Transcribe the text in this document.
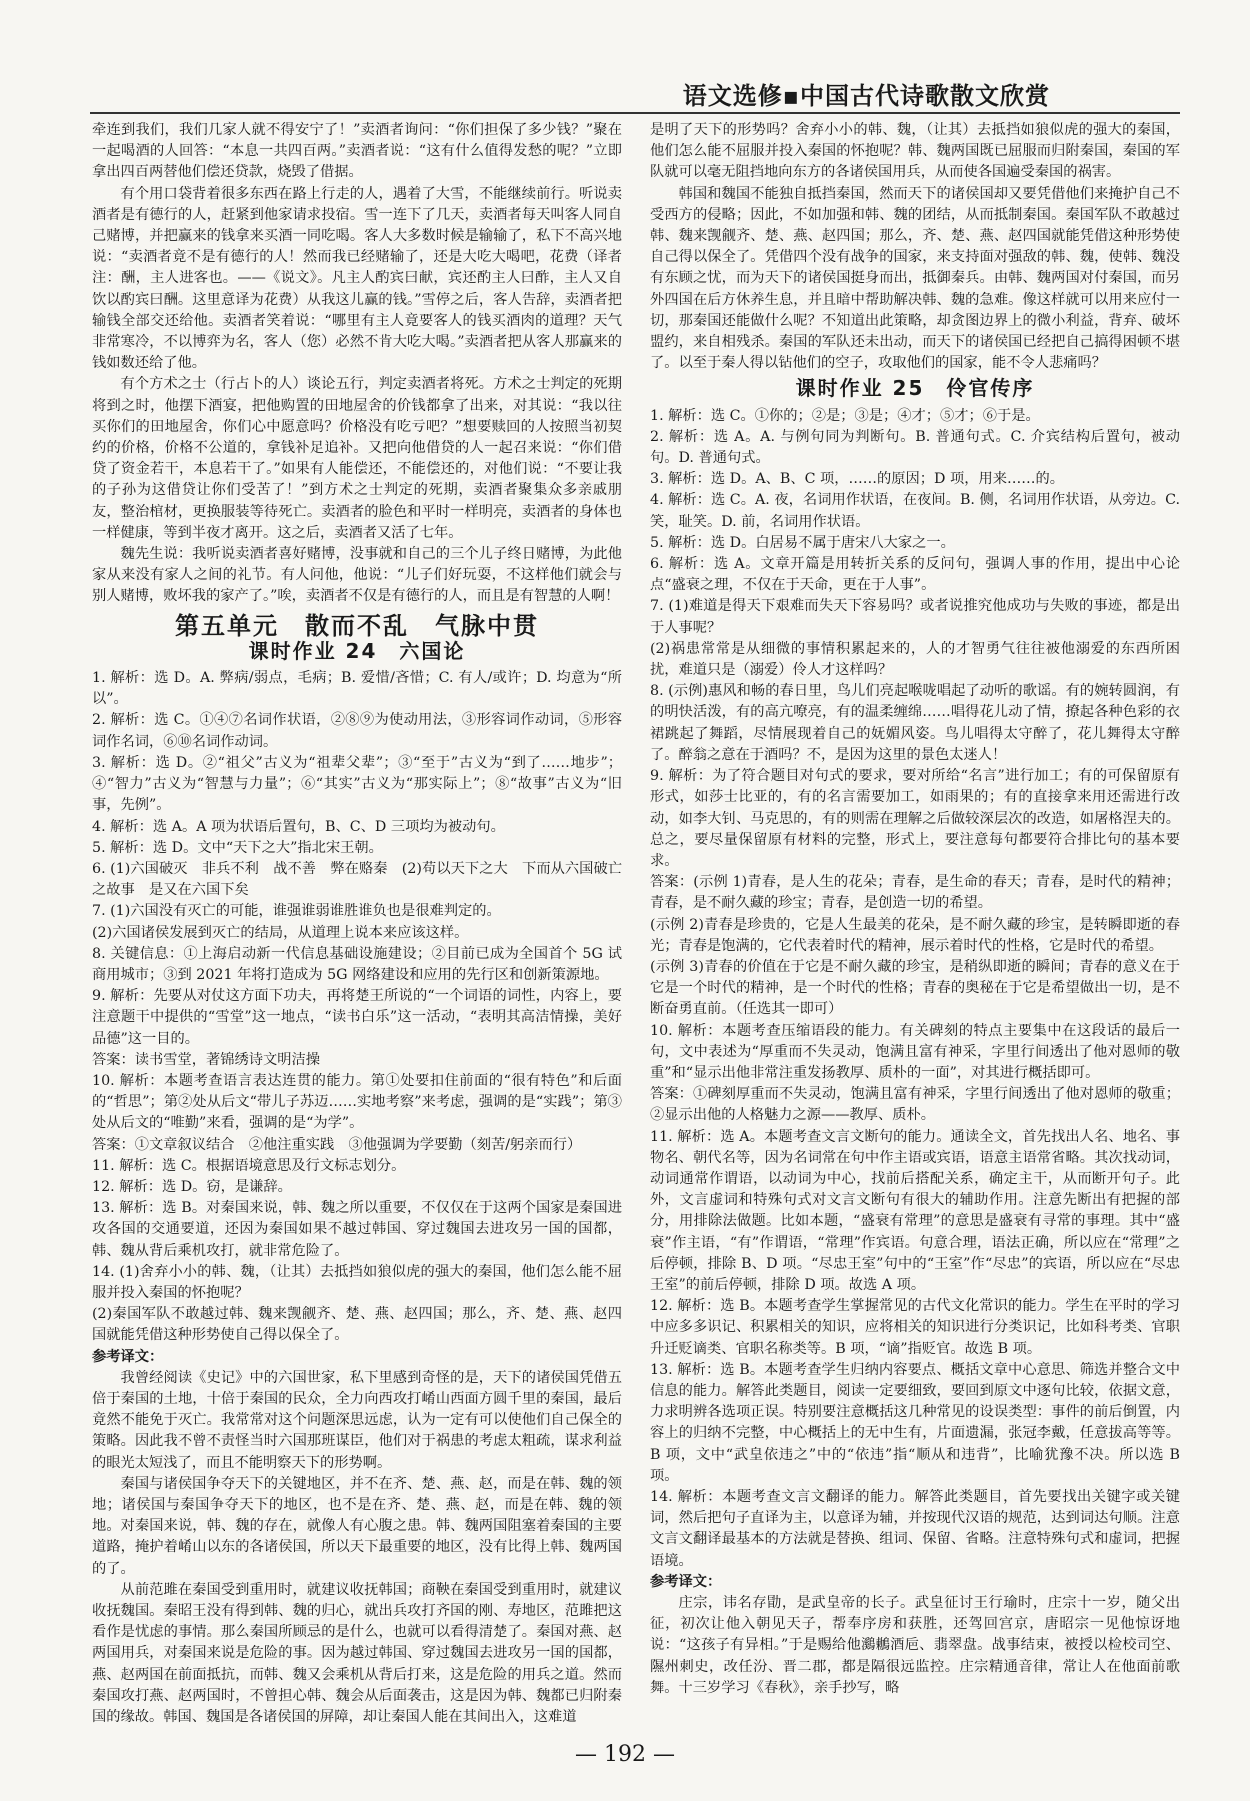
语文选修▪中国古代诗歌散文欣赏

牵连到我们，我们几家人就不得安宁了！”卖酒者询问：“你们担保了多少钱？”聚在一起喝酒的人回答：“本息一共四百两。”卖酒者说：“这有什么值得发愁的呢？”立即拿出四百两替他们偿还贷款，烧毁了借据。

有个用口袋背着很多东西在路上行走的人，遇着了大雪，不能继续前行。听说卖酒者是有德行的人，赶紧到他家请求投宿。雪一连下了几天，卖酒者每天叫客人同自己赌博，并把赢来的钱拿来买酒一同吃喝。客人大多数时候是输输了，私下不高兴地说：“卖酒者竟不是有德行的人！然而我已经赌输了，还是大吃大喝吧，花费（译者注：酬，主人进客也。——《说文》。凡主人酌宾曰献，宾还酌主人曰酢，主人又自饮以酌宾曰酬。这里意译为花费）从我这儿赢的钱。”雪停之后，客人告辞，卖酒者把输钱全部交还给他。卖酒者笑着说：“哪里有主人竟要客人的钱买酒肉的道理？天气非常寒冷，不以博弈为名，客人（您）必然不肯大吃大喝。”卖酒者把从客人那赢来的钱如数还给了他。

有个方术之士（行占卜的人）谈论五行，判定卖酒者将死。方术之士判定的死期将到之时，他摆下酒宴，把他购置的田地屋舍的价钱都拿了出来，对其说：“我以往买你们的田地屋舍，你们心中愿意吗？价格没有吃亏吧？”想要赎回的人按照当初契约的价格，价格不公道的，拿钱补足追补。又把向他借贷的人一起召来说：“你们借贷了资金若干，本息若干了。”如果有人能偿还，不能偿还的，对他们说：“不要让我的子孙为这借贷让你们受苦了！”到方术之士判定的死期，卖酒者聚集众多亲戚朋友，整治棺材，更换服装等待死亡。卖酒者的脸色和平时一样明亮，卖酒者的身体也一样健康，等到半夜才离开。这之后，卖酒者又活了七年。

魏先生说：我听说卖酒者喜好赌博，没事就和自己的三个儿子终日赌博，为此他家从来没有家人之间的礼节。有人问他，他说：“儿子们好玩耍，不这样他们就会与别人赌博，败坏我的家产了。”唉，卖酒者不仅是有德行的人，而且是有智慧的人啊！

第五单元　散而不乱　气脉中贯
课时作业 24　六国论

1. 解析：选 D。A. 弊病/弱点，毛病；B. 爱惜/吝惜；C. 有人/或许；D. 均意为“所以”。

2. 解析：选 C。①④⑦名词作状语，②⑧⑨为使动用法，③形容词作动词，⑤形容词作名词，⑥⑩名词作动词。

3. 解析：选 D。②“祖父”古义为“祖辈父辈”；③“至于”古义为“到了……地步”；④“智力”古义为“智慧与力量”；⑥“其实”古义为“那实际上”；⑧“故事”古义为“旧事，先例”。

4. 解析：选 A。A 项为状语后置句，B、C、D 三项均为被动句。

5. 解析：选 D。文中“天下之大”指北宋王朝。

6. (1)六国破灭　非兵不利　战不善　弊在赂秦　(2)苟以天下之大　下而从六国破亡之故事　是又在六国下矣

7. (1)六国没有灭亡的可能，谁强谁弱谁胜谁负也是很难判定的。

(2)六国诸侯发展到灭亡的结局，从道理上说本来应该这样。

8. 关键信息：①上海启动新一代信息基础设施建设；②目前已成为全国首个 5G 试商用城市；③到 2021 年将打造成为 5G 网络建设和应用的先行区和创新策源地。

9. 解析：先要从对仗这方面下功夫，再将楚王所说的“一个词语的词性，内容上，要注意题干中提供的“雪堂”这一地点，“读书白乐”这一活动，“表明其高洁情操，美好品德”这一目的。

答案：读书雪堂，著锦绣诗文明洁操

10. 解析：本题考查语言表达连贯的能力。第①处要扣住前面的“很有特色”和后面的“哲思”；第②处从后文“带儿子苏迈……实地考察”来考虑，强调的是“实践”；第③处从后文的“唯勤”来看，强调的是“为学”。

答案：①文章叙议结合　②他注重实践　③他强调为学要勤（刻苦/躬亲而行）

11. 解析：选 C。根据语境意思及行文标志划分。

12. 解析：选 D。窃，是谦辞。

13. 解析：选 B。对秦国来说，韩、魏之所以重要，不仅仅在于这两个国家是秦国进攻各国的交通要道，还因为秦国如果不越过韩国、穿过魏国去进攻另一国的国都，韩、魏从背后乘机攻打，就非常危险了。

14. (1)舍弃小小的韩、魏，（让其）去抵挡如狼似虎的强大的秦国，他们怎么能不屈服并投入秦国的怀抱呢？

(2)秦国军队不敢越过韩、魏来觊觎齐、楚、燕、赵四国；那么，齐、楚、燕、赵四国就能凭借这种形势使自己得以保全了。

参考译文：

我曾经阅读《史记》中的六国世家，私下里感到奇怪的是，天下的诸侯国凭借五倍于秦国的土地，十倍于秦国的民众，全力向西攻打崤山西面方圆千里的秦国，最后竟然不能免于灭亡。我常常对这个问题深思远虑，认为一定有可以使他们自己保全的策略。因此我不曾不责怪当时六国那班谋臣，他们对于祸患的考虑太粗疏，谋求利益的眼光太短浅了，而且不能明察天下的形势啊。

秦国与诸侯国争夺天下的关键地区，并不在齐、楚、燕、赵，而是在韩、魏的领地；诸侯国与秦国争夺天下的地区，也不是在齐、楚、燕、赵，而是在韩、魏的领地。对秦国来说，韩、魏的存在，就像人有心腹之患。韩、魏两国阻塞着秦国的主要道路，掩护着崤山以东的各诸侯国，所以天下最重要的地区，没有比得上韩、魏两国的了。

从前范雎在秦国受到重用时，就建议收抚韩国；商鞅在秦国受到重用时，就建议收抚魏国。秦昭王没有得到韩、魏的归心，就出兵攻打齐国的刚、寿地区，范雎把这看作是忧虑的事情。那么秦国所顾忌的是什么，也就可以看得清楚了。秦国对燕、赵两国用兵，对秦国来说是危险的事。因为越过韩国、穿过魏国去进攻另一国的国都，燕、赵两国在前面抵抗，而韩、魏又会乘机从背后打来，这是危险的用兵之道。然而秦国攻打燕、赵两国时，不曾担心韩、魏会从后面袭击，这是因为韩、魏都已归附秦国的缘故。韩国、魏国是各诸侯国的屏障，却让秦国人能在其间出入，这难道

是明了天下的形势吗？舍弃小小的韩、魏，（让其）去抵挡如狼似虎的强大的秦国，他们怎么能不屈服并投入秦国的怀抱呢？韩、魏两国既已屈服而归附秦国，秦国的军队就可以毫无阻挡地向东方的各诸侯国用兵，从而使各国遍受秦国的祸害。

韩国和魏国不能独自抵挡秦国，然而天下的诸侯国却又要凭借他们来掩护自己不受西方的侵略；因此，不如加强和韩、魏的团结，从而抵制秦国。秦国军队不敢越过韩、魏来觊觎齐、楚、燕、赵四国；那么，齐、楚、燕、赵四国就能凭借这种形势使自己得以保全了。凭借四个没有战争的国家，来支持面对强敌的韩、魏，使韩、魏没有东顾之忧，而为天下的诸侯国挺身而出，抵御秦兵。由韩、魏两国对付秦国，而另外四国在后方休养生息，并且暗中帮助解决韩、魏的急难。像这样就可以用来应付一切，那秦国还能做什么呢？不知道出此策略，却贪图边界上的微小利益，背弃、破坏盟约，来自相残杀。秦国的军队还未出动，而天下的诸侯国已经把自己搞得困顿不堪了。以至于秦人得以钻他们的空子，攻取他们的国家，能不令人悲痛吗？

课时作业 25　伶官传序

1. 解析：选 C。①你的；②是；③是；④才；⑤才；⑥于是。

2. 解析：选 A。A. 与例句同为判断句。B. 普通句式。C. 介宾结构后置句，被动句。D. 普通句式。

3. 解析：选 D。A、B、C 项，……的原因；D 项，用来……的。

4. 解析：选 C。A. 夜，名词用作状语，在夜间。B. 侧，名词用作状语，从旁边。C. 笑，耻笑。D. 前，名词用作状语。

5. 解析：选 D。白居易不属于唐宋八大家之一。

6. 解析：选 A。文章开篇是用转折关系的反问句，强调人事的作用，提出中心论点“盛衰之理，不仅在于天命，更在于人事”。

7. (1)难道是得天下艰难而失天下容易吗？或者说推究他成功与失败的事迹，都是出于人事呢？

(2)祸患常常是从细微的事情积累起来的，人的才智勇气往往被他溺爱的东西所困扰，难道只是（溺爱）伶人才这样吗？

8. (示例)惠风和畅的春日里，鸟儿们亮起喉咙唱起了动听的歌谣。有的婉转圆润，有的明快活泼，有的高亢嘹亮，有的温柔缠绵……唱得花儿动了情，撩起各种色彩的衣裙跳起了舞蹈，尽情展现着自己的妩媚风姿。鸟儿唱得太守醉了，花儿舞得太守醉了。醉翁之意在于酒吗？不，是因为这里的景色太迷人！

9. 解析：为了符合题目对句式的要求，要对所给“名言”进行加工；有的可保留原有形式，如莎士比亚的，有的名言需要加工，如雨果的；有的直接拿来用还需进行改动，如李大钊、马克思的，有的则需在理解之后做较深层次的改造，如屠格涅夫的。总之，要尽量保留原有材料的完整，形式上，要注意每句都要符合排比句的基本要求。

答案：(示例 1)青春，是人生的花朵；青春，是生命的春天；青春，是时代的精神；青春，是不耐久藏的珍宝；青春，是创造一切的希望。

(示例 2)青春是珍贵的，它是人生最美的花朵，是不耐久藏的珍宝，是转瞬即逝的春光；青春是饱满的，它代表着时代的精神，展示着时代的性格，它是时代的希望。

(示例 3)青春的价值在于它是不耐久藏的珍宝，是稍纵即逝的瞬间；青春的意义在于它是一个时代的精神，是一个时代的性格；青春的奥秘在于它是希望做出一切，是不断奋勇直前。（任选其一即可）

10. 解析：本题考查压缩语段的能力。有关碑刻的特点主要集中在这段话的最后一句，文中表述为“厚重而不失灵动，饱满且富有神采，字里行间透出了他对恩师的敬重”和“显示出他非常注重发扬教厚、质朴的一面”，对其进行概括即可。

答案：①碑刻厚重而不失灵动，饱满且富有神采，字里行间透出了他对恩师的敬重；②显示出他的人格魅力之源——教厚、质朴。

11. 解析：选 A。本题考查文言文断句的能力。通读全文，首先找出人名、地名、事物名、朝代名等，因为名词常在句中作主语或宾语，语意主语常省略。其次找动词，动词通常作谓语，以动词为中心，找前后搭配关系，确定主干，从而断开句子。此外，文言虚词和特殊句式对文言文断句有很大的辅助作用。注意先断出有把握的部分，用排除法做题。比如本题，“盛衰有常理”的意思是盛衰有寻常的事理。其中“盛衰”作主语，“有”作谓语，“常理”作宾语。句意合理，语法正确，所以应在“常理”之后停顿，排除 B、D 项。“尽忠王室”句中的“王室”作“尽忠”的宾语，所以应在“尽忠王室”的前后停顿，排除 D 项。故选 A 项。

12. 解析：选 B。本题考查学生掌握常见的古代文化常识的能力。学生在平时的学习中应多多识记、积累相关的知识，应将相关的知识进行分类识记，比如科考类、官职升迁贬谪类、官职名称类等。B 项，“谪”指贬官。故选 B 项。

13. 解析：选 B。本题考查学生归纳内容要点、概括文章中心意思、筛选并整合文中信息的能力。解答此类题目，阅读一定要细致，要回到原文中逐句比较，依据文意，力求明辨各选项正误。特别要注意概括这几种常见的设误类型：事件的前后倒置，内容上的归纳不完整，中心概括上的无中生有，片面遗漏，张冠李戴，任意拔高等等。B 项，文中“武皇依违之”中的“依违”指“顺从和违背”，比喻犹豫不决。所以选 B 项。

14. 解析：本题考查文言文翻译的能力。解答此类题目，首先要找出关键字或关键词，然后把句子直译为主，以意译为辅，并按现代汉语的规范，达到词达句顺。注意文言文翻译最基本的方法就是替换、组词、保留、省略。注意特殊句式和虚词，把握语境。

参考译文：

庄宗，讳名存勖，是武皇帝的长子。武皇征讨王行瑜时，庄宗十一岁，随父出征，初次让他入朝见天子，帮奉序房和获胜，还驾回宫京，唐昭宗一见他惊讶地说：“这孩子有异相。”于是赐给他鸂鶒酒巵、翡翠盘。战事结束，被授以检校司空、隰州刺史，改任汾、晋二郡，都是隔很远监控。庄宗精通音律，常让人在他面前歌舞。十三岁学习《春秋》，亲手抄写，略

— 192 —
